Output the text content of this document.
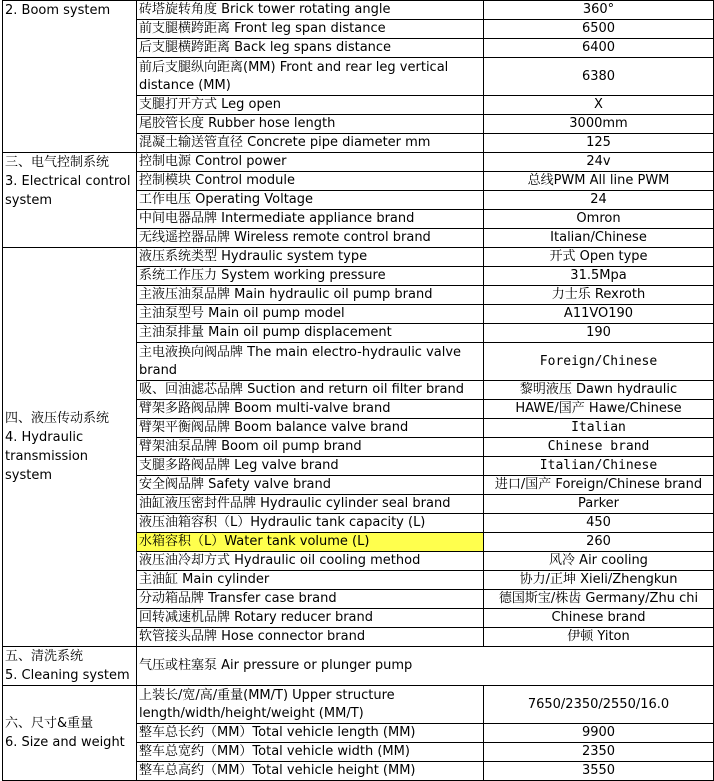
2. Boom system	砖塔旋转角度 Brick tower rotating angle	360°
	前支腿横跨距离 Front leg span distance	6500
	后支腿横跨距离 Back leg spans distance	6400
	前后支腿纵向距离(MM) Front and rear leg vertical distance (MM)	6380
	支腿打开方式 Leg open	X
	尾胶管长度 Rubber hose length	3000mm
	混凝土输送管直径 Concrete pipe diameter mm	125

三、电气控制系统
3. Electrical control
system	控制电源 Control power	24v
	控制模块 Control module	总线PWM All line PWM
	工作电压 Operating Voltage	24
	中间电器品牌 Intermediate appliance brand	Omron
	无线遥控器品牌 Wireless remote control brand	Italian/Chinese

四、液压传动系统
4. Hydraulic
transmission
system	液压系统类型 Hydraulic system type	开式 Open type
	系统工作压力 System working pressure	31.5Mpa
	主液压油泵品牌 Main hydraulic oil pump brand	力士乐 Rexroth
	主油泵型号 Main oil pump model	A11VO190
	主油泵排量 Main oil pump displacement	190
	主电液换向阀品牌 The main electro-hydraulic valve brand	Foreign/Chinese
	吸、回油滤芯品牌 Suction and return oil filter brand	黎明液压 Dawn hydraulic
	臂架多路阀品牌 Boom multi-valve brand	HAWE/国产 Hawe/Chinese
	臂架平衡阀品牌 Boom balance valve brand	Italian
	臂架油泵品牌 Boom oil pump brand	Chinese brand
	支腿多路阀品牌 Leg valve brand	Italian/Chinese
	安全阀品牌 Safety valve brand	进口/国产 Foreign/Chinese brand
	油缸液压密封件品牌 Hydraulic cylinder seal brand	Parker
	液压油箱容积（L）Hydraulic tank capacity (L)	450
	水箱容积（L）Water tank volume (L)	260
	液压油冷却方式 Hydraulic oil cooling method	风冷 Air cooling
	主油缸 Main cylinder	协力/正坤 Xieli/Zhengkun
	分动箱品牌 Transfer case brand	德国斯宝/株齿 Germany/Zhu chi
	回转减速机品牌 Rotary reducer brand	Chinese brand
	软管接头品牌 Hose connector brand	伊顿 Yiton

五、清洗系统
5. Cleaning system	气压或柱塞泵 Air pressure or plunger pump	

六、尺寸&重量
6. Size and weight	上装长/宽/高/重量(MM/T) Upper structure length/width/height/weight (MM/T)	7650/2350/2550/16.0
	整车总长约（MM）Total vehicle length (MM)	9900
	整车总宽约（MM）Total vehicle width (MM)	2350
	整车总高约（MM）Total vehicle height (MM)	3550
